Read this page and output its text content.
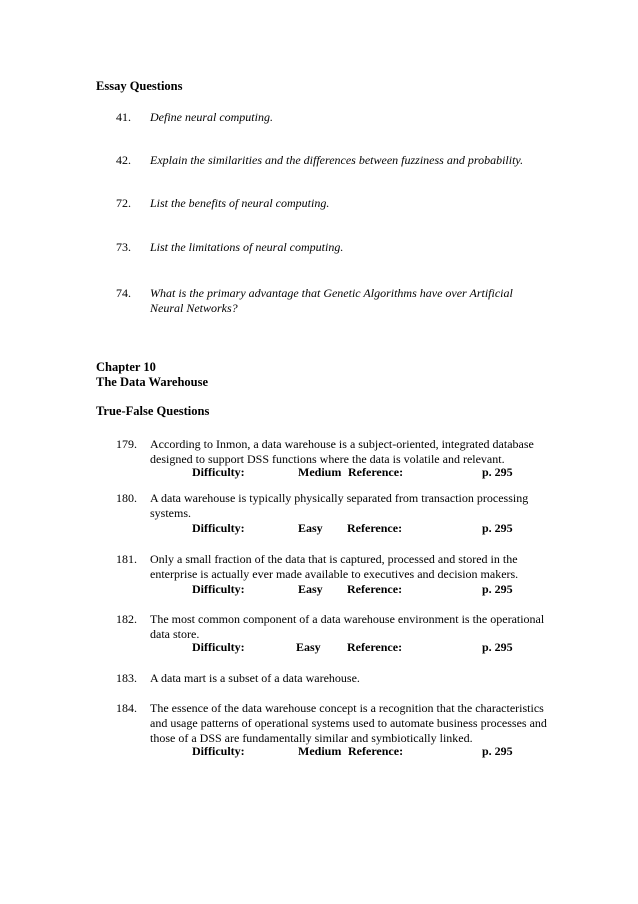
Essay Questions
41. Define neural computing.
42. Explain the similarities and the differences between fuzziness and probability.
72. List the benefits of neural computing.
73. List the limitations of neural computing.
74. What is the primary advantage that Genetic Algorithms have over Artificial
Neural Networks?
Chapter 10
The Data Warehouse
True-False Questions
179. According to Inmon, a data warehouse is a subject-oriented, integrated database
designed to support DSS functions where the data is volatile and relevant.
Difficulty:	Medium Reference:	p. 295
180. A data warehouse is typically physically separated from transaction processing
systems.
Difficulty:	Easy Reference:	p. 295
181. Only a small fraction of the data that is captured, processed and stored in the
enterprise is actually ever made available to executives and decision makers.
Difficulty:	Easy Reference:	p. 295
182. The most common component of a data warehouse environment is the operational
data store.
Difficulty:	Easy Reference:	p. 295
183. A data mart is a subset of a data warehouse.
184. The essence of the data warehouse concept is a recognition that the characteristics
and usage patterns of operational systems used to automate business processes and
those of a DSS are fundamentally similar and symbiotically linked.
Difficulty:	Medium Reference:	p. 295
